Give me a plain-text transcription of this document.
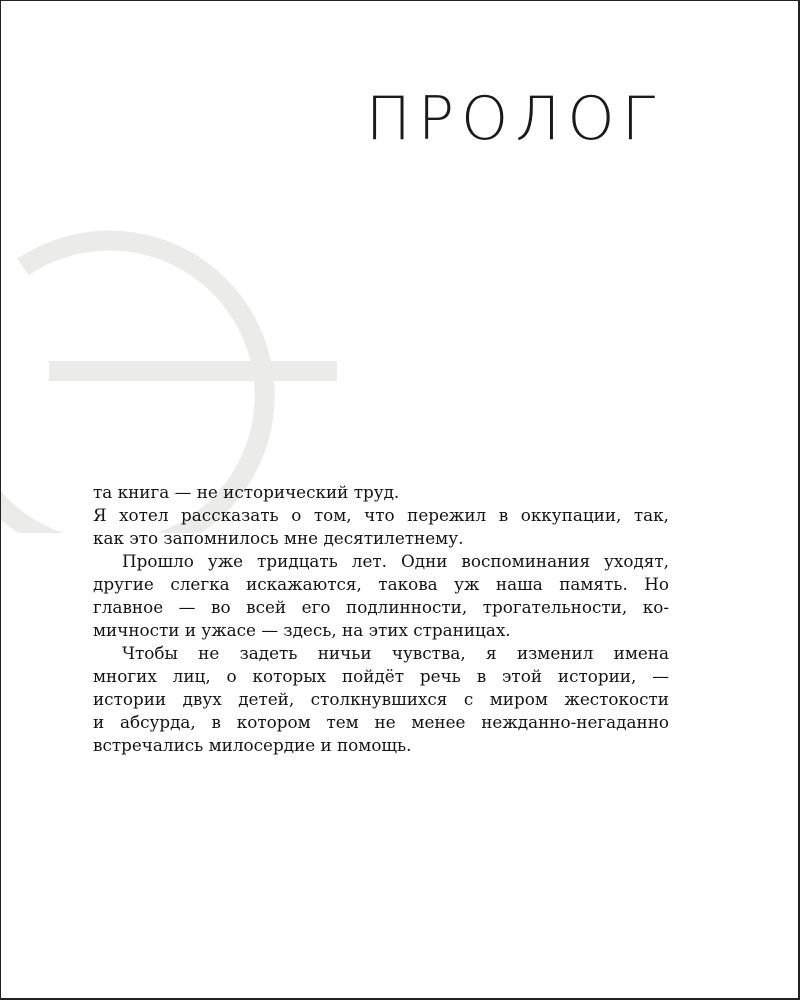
ПРОЛОГ

та книга — не исторический труд.

Я хотел рассказать о том, что пережил в оккупации, так,
как это запомнилось мне десятилетнему.

Прошло уже тридцать лет. Одни воспоминания уходят,
другие слегка искажаются, такова уж наша память. Но
главное — во всей его подлинности, трогательности, ко-
мичности и ужасе — здесь, на этих страницах.

Чтобы не задеть ничьи чувства, я изменил имена
многих лиц, о которых пойдёт речь в этой истории, —
истории двух детей, столкнувшихся с миром жестокости
и абсурда, в котором тем не менее нежданно-негаданно
встречались милосердие и помощь.
